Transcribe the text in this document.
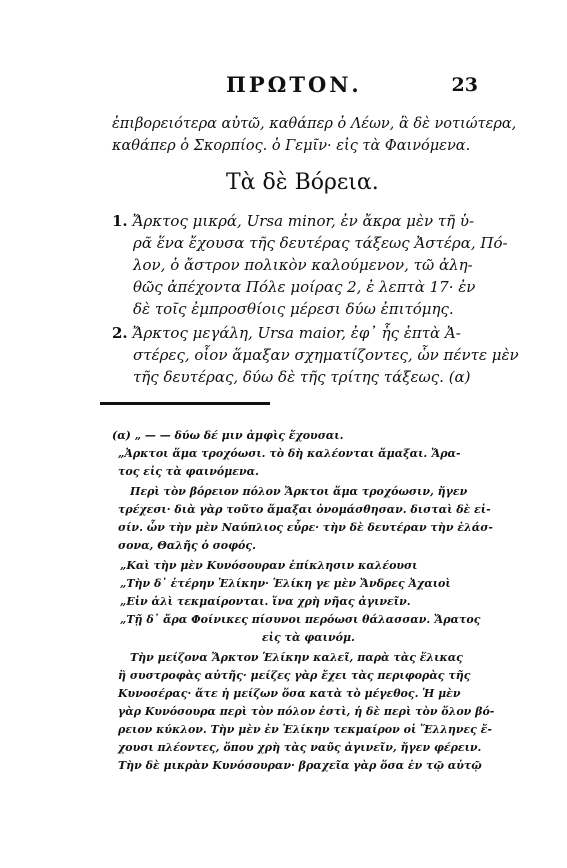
ΠΡΩΤΟΝ.	23
ἐπιβορειότερα αὐτῶ, καθάπερ ὁ Λέων, ἃ δὲ νοτιώτερα,
καθάπερ ὁ Σκορπίος. ὁ Γεμῖν· εἰς τὰ Φαινόμενα.
Τὰ δὲ Βόρεια.
1. Ἄρκτος μικρά, Ursa minor, ἐν ἄκρα μὲν τῆ ὑ-
ρᾶ ἕνα ἔχουσα τῆς δευτέρας τάξεως Ἀστέρα, Πό-
λον, ὁ ἄστρον πολικὸν καλούμενον, τῶ ἀλη-
θῶς ἀπέχοντα Πόλε μοίρας 2, ἐ λεπτὰ 17· ἐν
δὲ τοῖς ἐμπροσθίοις μέρεσι δύω ἐπιτόμης.
2. Ἄρκτος μεγάλη, Ursa maior, ἐφ᾽ ἧς ἑπτὰ Ἀ-
στέρες, οἷον ἅμαξαν σχηματίζοντες, ὧν πέντε μὲν
τῆς δευτέρας, δύω δὲ τῆς τρίτης τάξεως. (α)
(α) „ — — δύω δέ μιν ἀμφὶς ἔχουσαι.
„Ἀρκτοι ἅμα τροχόωσι. τὸ δὴ καλέονται ἅμαξαι. Ἄρα-
τος εἰς τὰ φαινόμενα.
Περὶ τὸν βόρειον πόλον Ἄρκτοι ἅμα τροχόωσιν, ἤγεν
τρέχεσι· διὰ γὰρ τοῦτο ἅμαξαι ὀνομάσθησαν. δισταὶ δὲ εἰ-
σίν. ὧν τὴν μὲν Ναύπλιος εὗρε· τὴν δὲ δευτέραν τὴν ἐλάσ-
σονα, Θαλῆς ὁ σοφός.
„Καὶ τὴν μὲν Κυνόσουραν ἐπίκλησιν καλέουσι
„Τὴν δ᾽ ἑτέρην Ἑλίκην· Ἑλίκη γε μὲν Ἄνδρες Ἀχαιοὶ
„Εἰν ἁλὶ τεκμαίρονται. ἵνα χρὴ νῆας ἀγινεῖν.
„Τῇ δ᾽ ἄρα Φοίνικες πίσυνοι περόωσι θάλασσαν. Ἄρατος
εἰς τὰ φαινόμ.
Τὴν μείζονα Ἄρκτον Ἑλίκην καλεῖ, παρὰ τὰς ἕλικας
ἢ συστροφὰς αὐτῆς· μείζες γὰρ ἔχει τὰς περιφορὰς τῆς
Κυνοσέρας· ἅτε ἡ μείζων ὅσα κατὰ τὸ μέγεθος. Ἡ μὲν
γὰρ Κυνόσουρα περὶ τὸν πόλον ἐστὶ, ἡ δὲ περὶ τὸν ὅλον βό-
ρειον κύκλον. Τὴν μὲν ἐν Ἑλίκην τεκμαίρον οἱ Ἕλληνες ἔ-
χουσι πλέοντες, ὅπου χρὴ τὰς ναῦς ἀγινεῖν, ἤγεν φέρειν.
Τὴν δὲ μικρὰν Κυνόσουραν· βραχεῖα γὰρ ὅσα ἐν τῷ αὐτῷ
